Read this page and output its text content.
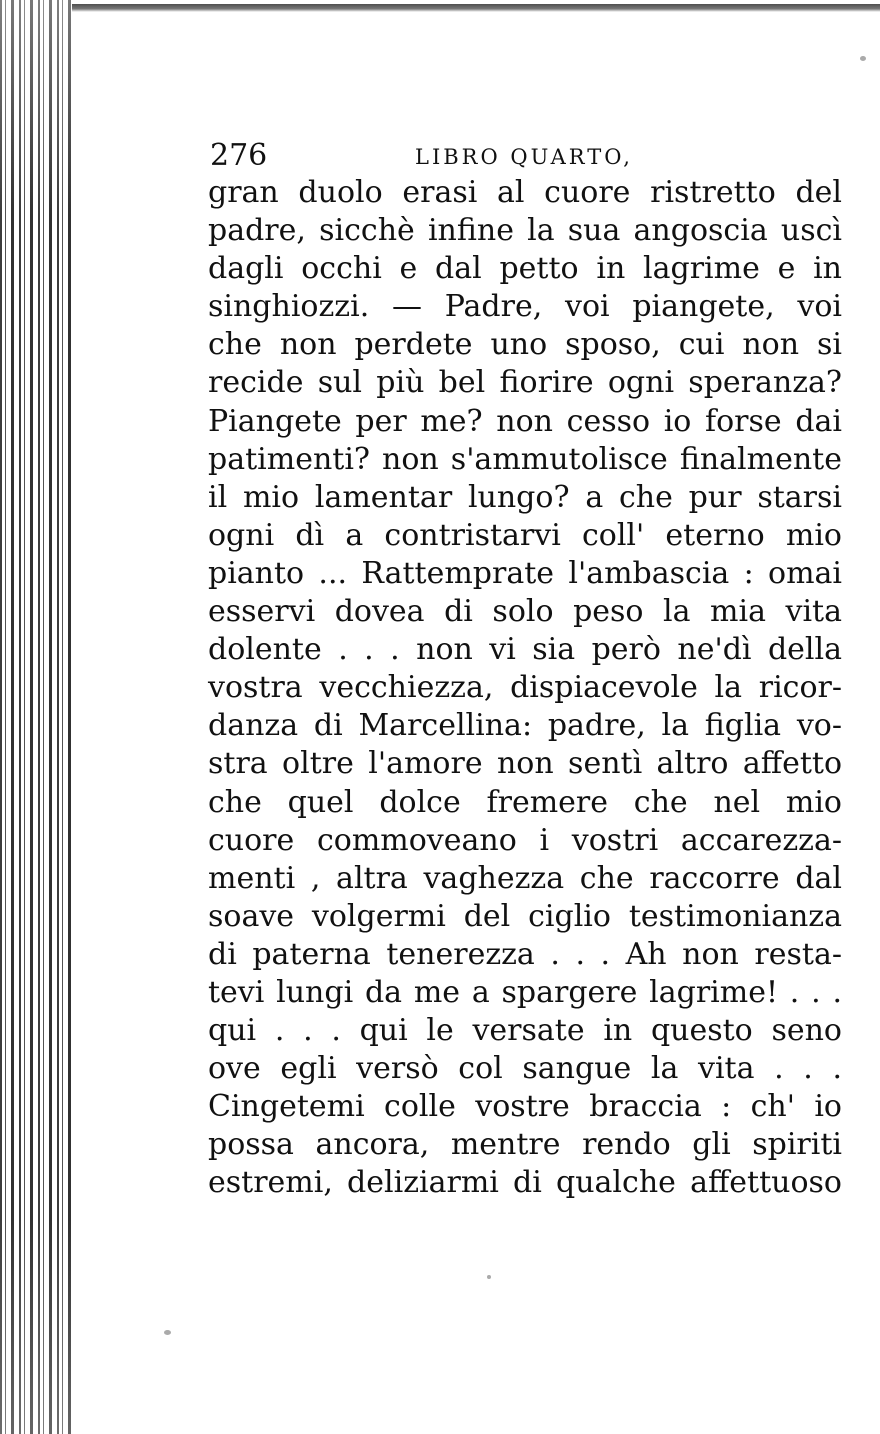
276	LIBRO QUARTO,
gran duolo erasi al cuore ristretto del
padre, sicchè infine la sua angoscia uscì
dagli occhi e dal petto in lagrime e in
singhiozzi. — Padre, voi piangete, voi
che non perdete uno sposo, cui non si
recide sul più bel fiorire ogni speranza?
Piangete per me? non cesso io forse dai
patimenti? non s'ammutolisce finalmente
il mio lamentar lungo? a che pur starsi
ogni dì a contristarvi coll' eterno mio
pianto ... Rattemprate l'ambascia : omai
esservi dovea di solo peso la mia vita
dolente . . . non vi sia però ne'dì della
vostra vecchiezza, dispiacevole la ricor-
danza di Marcellina: padre, la figlia vo-
stra oltre l'amore non sentì altro affetto
che quel dolce fremere che nel mio
cuore commoveano i vostri accarezza-
menti , altra vaghezza che raccorre dal
soave volgermi del ciglio testimonianza
di paterna tenerezza . . . Ah non resta-
tevi lungi da me a spargere lagrime! . . .
qui . . . qui le versate in questo seno
ove egli versò col sangue la vita . . .
Cingetemi colle vostre braccia : ch' io
possa ancora, mentre rendo gli spiriti
estremi, deliziarmi di qualche affettuoso
